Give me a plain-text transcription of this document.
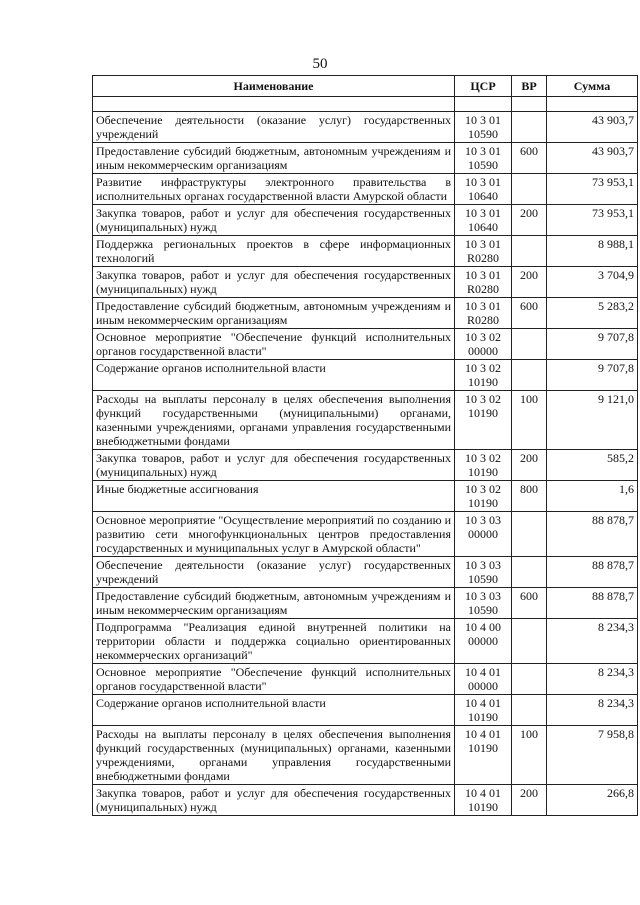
50
Наименование	ЦСР	ВР	Сумма

Обеспечение деятельности (оказание услуг) государственных учреждений	10 3 01 10590		43 903,7
Предоставление субсидий бюджетным, автономным учреждениям и иным некоммерческим организациям	10 3 01 10590	600	43 903,7
Развитие инфраструктуры электронного правительства в исполнительных органах государственной власти Амурской области	10 3 01 10640		73 953,1
Закупка товаров, работ и услуг для обеспечения государственных (муниципальных) нужд	10 3 01 10640	200	73 953,1
Поддержка региональных проектов в сфере информационных технологий	10 3 01 R0280		8 988,1
Закупка товаров, работ и услуг для обеспечения государственных (муниципальных) нужд	10 3 01 R0280	200	3 704,9
Предоставление субсидий бюджетным, автономным учреждениям и иным некоммерческим организациям	10 3 01 R0280	600	5 283,2
Основное мероприятие "Обеспечение функций исполнительных органов государственной власти"	10 3 02 00000		9 707,8
Содержание органов исполнительной власти	10 3 02 10190		9 707,8
Расходы на выплаты персоналу в целях обеспечения выполнения функций государственными (муниципальными) органами, казенными учреждениями, органами управления государственными внебюджетными фондами	10 3 02 10190	100	9 121,0
Закупка товаров, работ и услуг для обеспечения государственных (муниципальных) нужд	10 3 02 10190	200	585,2
Иные бюджетные ассигнования	10 3 02 10190	800	1,6
Основное мероприятие "Осуществление мероприятий по созданию и развитию сети многофункциональных центров предоставления государственных и муниципальных услуг в Амурской области"	10 3 03 00000		88 878,7
Обеспечение деятельности (оказание услуг) государственных учреждений	10 3 03 10590		88 878,7
Предоставление субсидий бюджетным, автономным учреждениям и иным некоммерческим организациям	10 3 03 10590	600	88 878,7
Подпрограмма "Реализация единой внутренней политики на территории области и поддержка социально ориентированных некоммерческих организаций"	10 4 00 00000		8 234,3
Основное мероприятие "Обеспечение функций исполнительных органов государственной власти"	10 4 01 00000		8 234,3
Содержание органов исполнительной власти	10 4 01 10190		8 234,3
Расходы на выплаты персоналу в целях обеспечения выполнения функций государственных (муниципальных) органами, казенными учреждениями, органами управления государственными внебюджетными фондами	10 4 01 10190	100	7 958,8
Закупка товаров, работ и услуг для обеспечения государственных (муниципальных) нужд	10 4 01 10190	200	266,8
